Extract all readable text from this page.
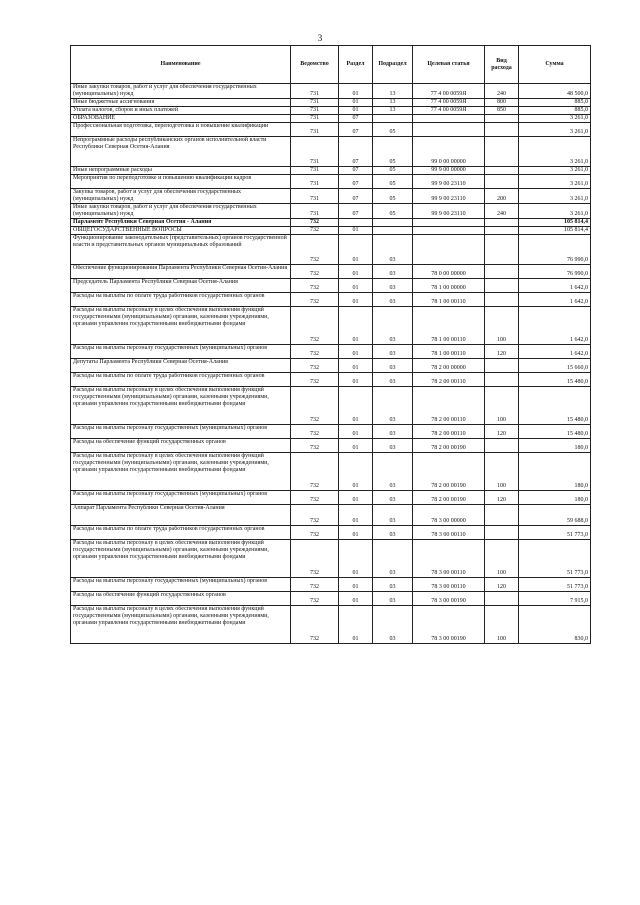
3
Наименование	Ведомство	Раздел	Подраздел	Целевая статья	Вид расхода	Сумма
Иные закупки товаров, работ и услуг для обеспечения государственных (муниципальных) нужд	731	01	13	77 4 00 0059Я	240	48 500,0
Иные бюджетные ассигнования	731	01	13	77 4 00 0059Я	800	885,0
Уплата налогов, сборов и иных платежей	731	01	13	77 4 00 0059Я	850	885,0
ОБРАЗОВАНИЕ	731	07				3 261,0
Профессиональная подготовка, переподготовка и повышение квалификации	731	07	05			3 261,0
Непрограммные расходы республиканских органов исполнительной власти Республики Северная Осетия-Алания	731	07	05	99 0 00 00000		3 261,0
Иные непрограммные расходы	731	07	05	99 9 00 00000		3 261,0
Мероприятия по переподготовке и повышению квалификации кадров	731	07	05	99 9 00 23110		3 261,0
Закупка товаров, работ и услуг для обеспечения государственных (муниципальных) нужд	731	07	05	99 9 00 23110	200	3 261,0
Иные закупки товаров, работ и услуг для обеспечения государственных (муниципальных) нужд	731	07	05	99 9 00 23110	240	3 261,0
Парламент Республики Северная Осетия - Алания	732					105 814,4
ОБЩЕГОСУДАРСТВЕННЫЕ ВОПРОСЫ	732	01				105 814,4
Функционирование законодательных (представительных) органов государственной власти и представительных органов муниципальных образований	732	01	03			76 990,0
Обеспечение функционирования Парламента Республики Северная Осетия-Алания	732	01	03	78 0 00 00000		76 990,0
Председатель Парламента Республики Северная Осетия-Алания	732	01	03	78 1 00 00000		1 642,0
Расходы на выплаты по оплате труда работников государственных органов	732	01	03	78 1 00 00110		1 642,0
Расходы на выплаты персоналу в целях обеспечения выполнения функций государственными (муниципальными) органами, казенными учреждениями, органами управления государственными внебюджетными фондами	732	01	03	78 1 00 00110	100	1 642,0
Расходы на выплаты персоналу государственных (муниципальных) органов	732	01	03	78 1 00 00110	120	1 642,0
Депутаты Парламента Республики Северная Осетия-Алания	732	01	03	78 2 00 00000		15 660,0
Расходы на выплаты по оплате труда работников государственных органов	732	01	03	78 2 00 00110		15 480,0
Расходы на выплаты персоналу в целях обеспечения выполнения функций государственными (муниципальными) органами, казенными учреждениями, органами управления государственными внебюджетными фондами	732	01	03	78 2 00 00110	100	15 480,0
Расходы на выплаты персоналу государственных (муниципальных) органов	732	01	03	78 2 00 00110	120	15 480,0
Расходы на обеспечение функций государственных органов	732	01	03	78 2 00 00190		180,0
Расходы на выплаты персоналу в целях обеспечения выполнения функций государственными (муниципальными) органами, казенными учреждениями, органами управления государственными внебюджетными фондами	732	01	03	78 2 00 00190	100	180,0
Расходы на выплаты персоналу государственных (муниципальных) органов	732	01	03	78 2 00 00190	120	180,0
Аппарат Парламента Республики Северная Осетия-Алания	732	01	03	78 3 00 00000		59 688,0
Расходы на выплаты по оплате труда работников государственных органов	732	01	03	78 3 00 00110		51 773,0
Расходы на выплаты персоналу в целях обеспечения выполнения функций государственными (муниципальными) органами, казенными учреждениями, органами управления государственными внебюджетными фондами	732	01	03	78 3 00 00110	100	51 773,0
Расходы на выплаты персоналу государственных (муниципальных) органов	732	01	03	78 3 00 00110	120	51 773,0
Расходы на обеспечение функций государственных органов	732	01	03	78 3 00 00190		7 915,0
Расходы на выплаты персоналу в целях обеспечения выполнения функций государственными (муниципальными) органами, казенными учреждениями, органами управления государственными внебюджетными фондами	732	01	03	78 3 00 00190	100	830,0
